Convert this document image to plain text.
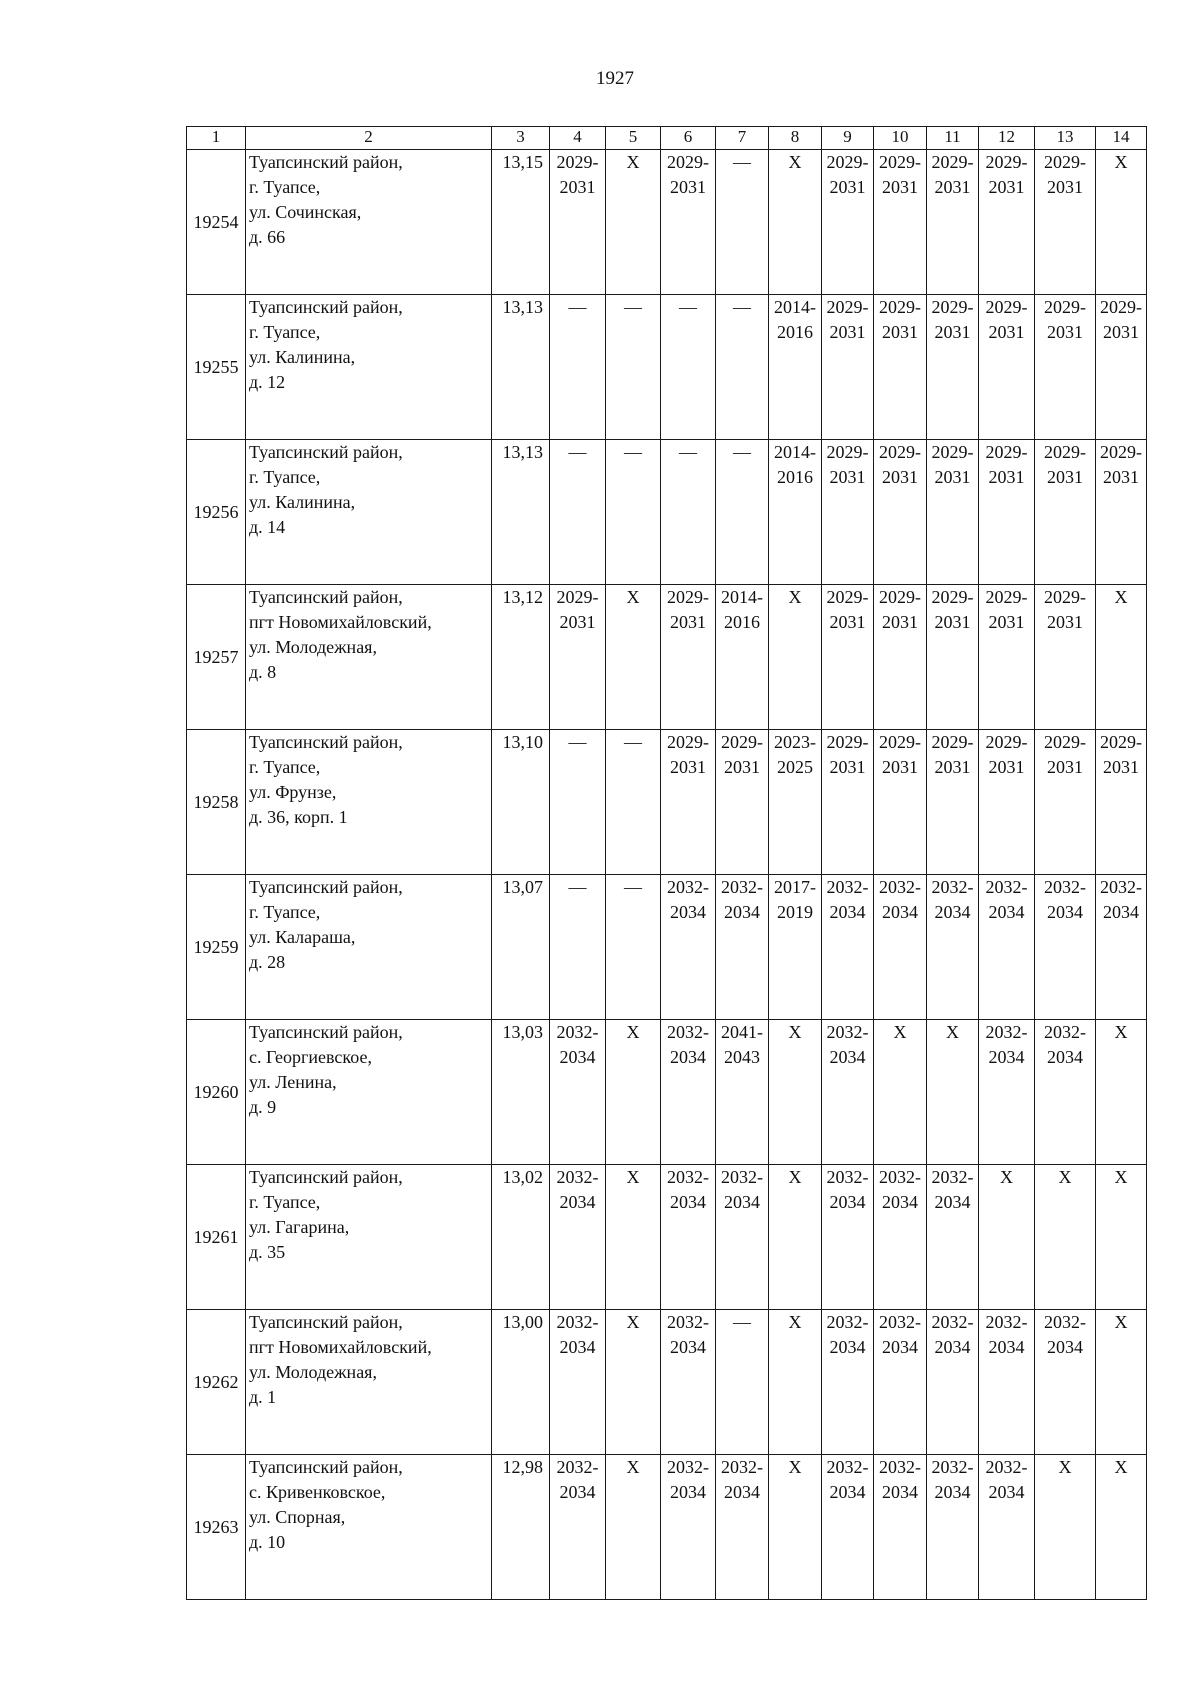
1927
1	2	3	4	5	6	7	8	9	10	11	12	13	14

19254	Туапсинский район,
г. Туапсе,
ул. Сочинская,
д. 66	13,15	2029-
2031	X	2029-
2031	—	X	2029-
2031	2029-
2031	2029-
2031	2029-
2031	2029-
2031	X

19255	Туапсинский район,
г. Туапсе,
ул. Калинина,
д. 12	13,13	—	—	—	—	2014-
2016	2029-
2031	2029-
2031	2029-
2031	2029-
2031	2029-
2031	2029-
2031

19256	Туапсинский район,
г. Туапсе,
ул. Калинина,
д. 14	13,13	—	—	—	—	2014-
2016	2029-
2031	2029-
2031	2029-
2031	2029-
2031	2029-
2031	2029-
2031

19257	Туапсинский район,
пгт Новомихайловский,
ул. Молодежная,
д. 8	13,12	2029-
2031	X	2029-
2031	2014-
2016	X	2029-
2031	2029-
2031	2029-
2031	2029-
2031	2029-
2031	X

19258	Туапсинский район,
г. Туапсе,
ул. Фрунзе,
д. 36, корп. 1	13,10	—	—	2029-
2031	2029-
2031	2023-
2025	2029-
2031	2029-
2031	2029-
2031	2029-
2031	2029-
2031	2029-
2031

19259	Туапсинский район,
г. Туапсе,
ул. Калараша,
д. 28	13,07	—	—	2032-
2034	2032-
2034	2017-
2019	2032-
2034	2032-
2034	2032-
2034	2032-
2034	2032-
2034	2032-
2034

19260	Туапсинский район,
с. Георгиевское,
ул. Ленина,
д. 9	13,03	2032-
2034	X	2032-
2034	2041-
2043	X	2032-
2034	X	X	2032-
2034	2032-
2034	X

19261	Туапсинский район,
г. Туапсе,
ул. Гагарина,
д. 35	13,02	2032-
2034	X	2032-
2034	2032-
2034	X	2032-
2034	2032-
2034	2032-
2034	X	X	X

19262	Туапсинский район,
пгт Новомихайловский,
ул. Молодежная,
д. 1	13,00	2032-
2034	X	2032-
2034	—	X	2032-
2034	2032-
2034	2032-
2034	2032-
2034	2032-
2034	X

19263	Туапсинский район,
с. Кривенковское,
ул. Спорная,
д. 10	12,98	2032-
2034	X	2032-
2034	2032-
2034	X	2032-
2034	2032-
2034	2032-
2034	2032-
2034	X	X
